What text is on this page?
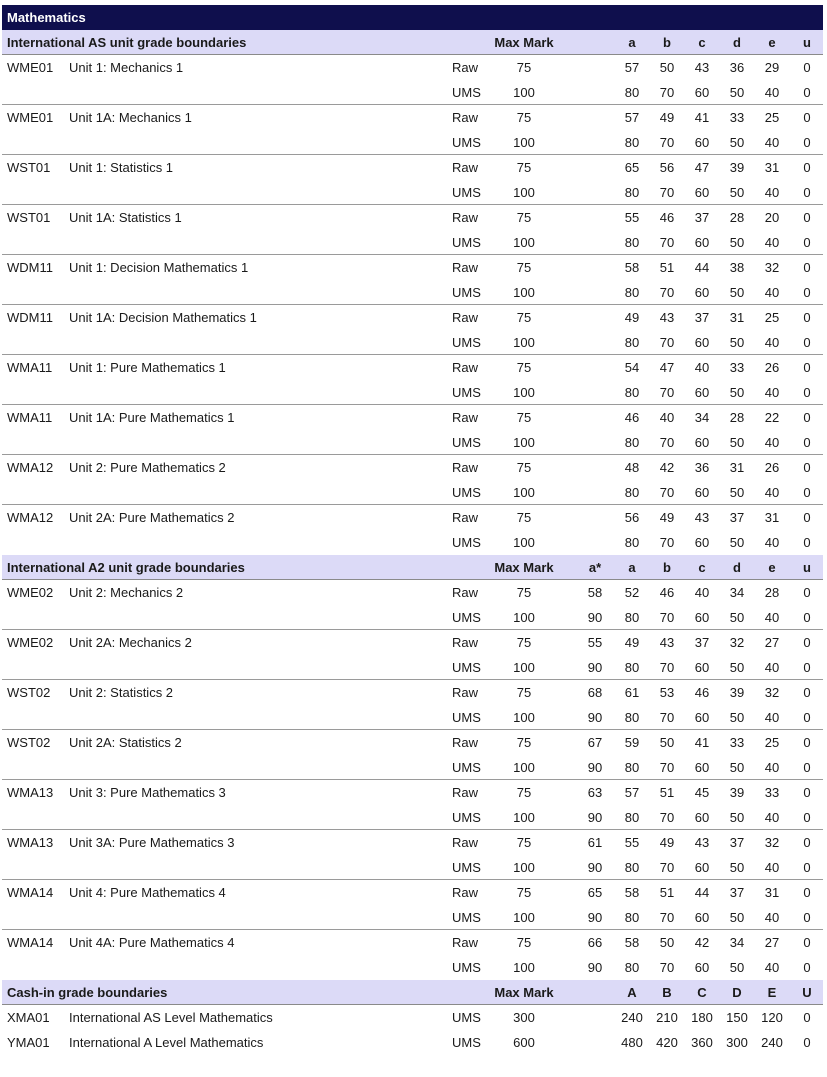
Mathematics
International AS unit grade boundaries	Max Mark	a	b	c	d	e	u
WME01 Unit 1: Mechanics 1	Raw	75	57 50 43 36 29	0
UMS	100	80 70 60 50 40	0
WME01 Unit 1A: Mechanics 1	Raw	75	57 49 41 33 25	0
UMS	100	80 70 60 50 40	0
WST01 Unit 1: Statistics 1	Raw	75	65 56 47 39 31	0
UMS	100	80 70 60 50 40	0
WST01 Unit 1A: Statistics 1	Raw	75	55 46 37 28 20	0
UMS	100	80 70 60 50 40	0
WDM11 Unit 1: Decision Mathematics 1	Raw	75	58 51 44 38 32	0
UMS	100	80 70 60 50 40	0
WDM11 Unit 1A: Decision Mathematics 1	Raw	75	49 43 37 31 25	0
UMS	100	80 70 60 50 40	0
WMA11 Unit 1: Pure Mathematics 1	Raw	75	54 47 40 33 26	0
UMS	100	80 70 60 50 40	0
WMA11 Unit 1A: Pure Mathematics 1	Raw	75	46 40 34 28 22	0
UMS	100	80 70 60 50 40	0
WMA12 Unit 2: Pure Mathematics 2	Raw	75	48 42 36 31 26	0
UMS	100	80 70 60 50 40	0
WMA12 Unit 2A: Pure Mathematics 2	Raw	75	56 49 43 37 31	0
UMS	100	80 70 60 50 40	0
International A2 unit grade boundaries	Max Mark	a*	a	b	c	d	e	u
WME02 Unit 2: Mechanics 2	Raw	75	58 52 46 40 34 28	0
UMS	100	90 80 70 60 50 40	0
WME02 Unit 2A: Mechanics 2	Raw	75	55 49 43 37 32 27	0
UMS	100	90 80 70 60 50 40	0
WST02 Unit 2: Statistics 2	Raw	75	68 61 53 46 39 32	0
UMS	100	90 80 70 60 50 40	0
WST02 Unit 2A: Statistics 2	Raw	75	67 59 50 41 33 25	0
UMS	100	90 80 70 60 50 40	0
WMA13 Unit 3: Pure Mathematics 3	Raw	75	63 57 51 45 39 33	0
UMS	100	90 80 70 60 50 40	0
WMA13 Unit 3A: Pure Mathematics 3	Raw	75	61 55 49 43 37 32	0
UMS	100	90 80 70 60 50 40	0
WMA14 Unit 4: Pure Mathematics 4	Raw	75	65 58 51 44 37 31	0
UMS	100	90 80 70 60 50 40	0
WMA14 Unit 4A: Pure Mathematics 4	Raw	75	66 58 50 42 34 27	0
UMS	100	90 80 70 60 50 40	0
Cash-in grade boundaries	Max Mark	A	B	C	D	E	U
XMA01 International AS Level Mathematics	UMS	300	240 210 180 150 120	0
YMA01 International A Level Mathematics	UMS	600	480 420 360 300 240	0
